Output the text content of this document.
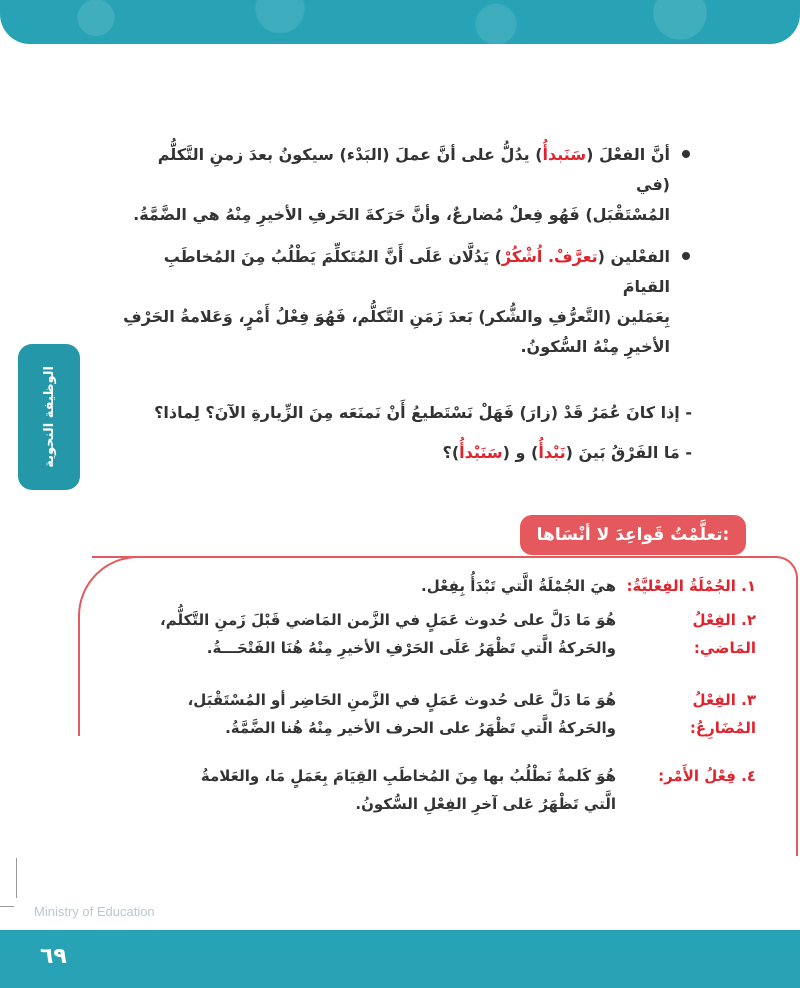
الوظيفة النحوية

أنَّ الفعْلَ (سَنَبدأُ) يدُلُّ على أنَّ عملَ (البَدْء) سيكونُ بعدَ زمنِ التَّكلُّم (في

المُسْتَقْبَل) فَهُو فِعلٌ مُضارعٌ، وأنَّ حَرَكةَ الحَرفِ الأخيرِ مِنْهُ هي الضَّمَّةُ.

الفعْلين (تعرَّفْ. اُشْكُرْ) يَدُلَّان عَلَى أَنَّ المُتَكلِّمَ يَطْلُبُ مِنَ المُخاطَبِ القيامَ

بِعَمَلين (التَّعرُّفِ والشُّكر) بَعدَ زَمَنِ التَّكلُّم، فَهُوَ فِعْلُ أَمْرٍ، وَعَلامةُ الحَرْفِ

الأخيرِ مِنْهُ السُّكونُ.

- إذا كانَ عُمَرُ قَدْ (زارَ) فَهَلْ نَسْتَطيعُ أَنْ نَمنَعَه مِنَ الزِّيارةِ الآنَ؟ لِماذا؟

- مَا الفَرْقُ بَينَ (نَبْدأُ) و (سَنَبْدأُ)؟

تعلَّمْتُ قَواعِدَ لا أنْسَاها:
١. الجُمْلَةُ الفِعْليَّةُ:

هيَ الجُمْلَةُ الَّتي تَبْدَأُ بِفِعْل.

٢. الفِعْلُ المَاضي:

هُوَ مَا دَلَّ على حُدوث عَمَلٍ في الزَّمن المَاضي قَبْلَ زَمنِ التَّكلُّم،

والحَركةُ الَّتي تَظْهَرُ عَلَى الحَرْفِ الأخيرِ مِنْهُ هُنَا الفَتْحَـــةُ.

٣. الفِعْلُ المُضَارِعُ:

هُوَ مَا دَلَّ عَلى حُدوث عَمَلٍ في الزَّمنِ الحَاضِر أو المُسْتَقْبَل،

والحَركةُ الَّتي تَظْهَرُ على الحرف الأخير مِنْهُ هُنا الضَّمَّةُ.

٤. فِعْلُ الأَمْر:

هُوَ كَلمةٌ نَطْلُبُ بها مِنَ المُخاطَبِ القِيَامَ بِعَمَلٍ مَا، والعَلامةُ

الَّتي تَظْهَرُ عَلى آخرِ الفِعْلِ السُّكونُ.

Ministry of Education
٦٩
